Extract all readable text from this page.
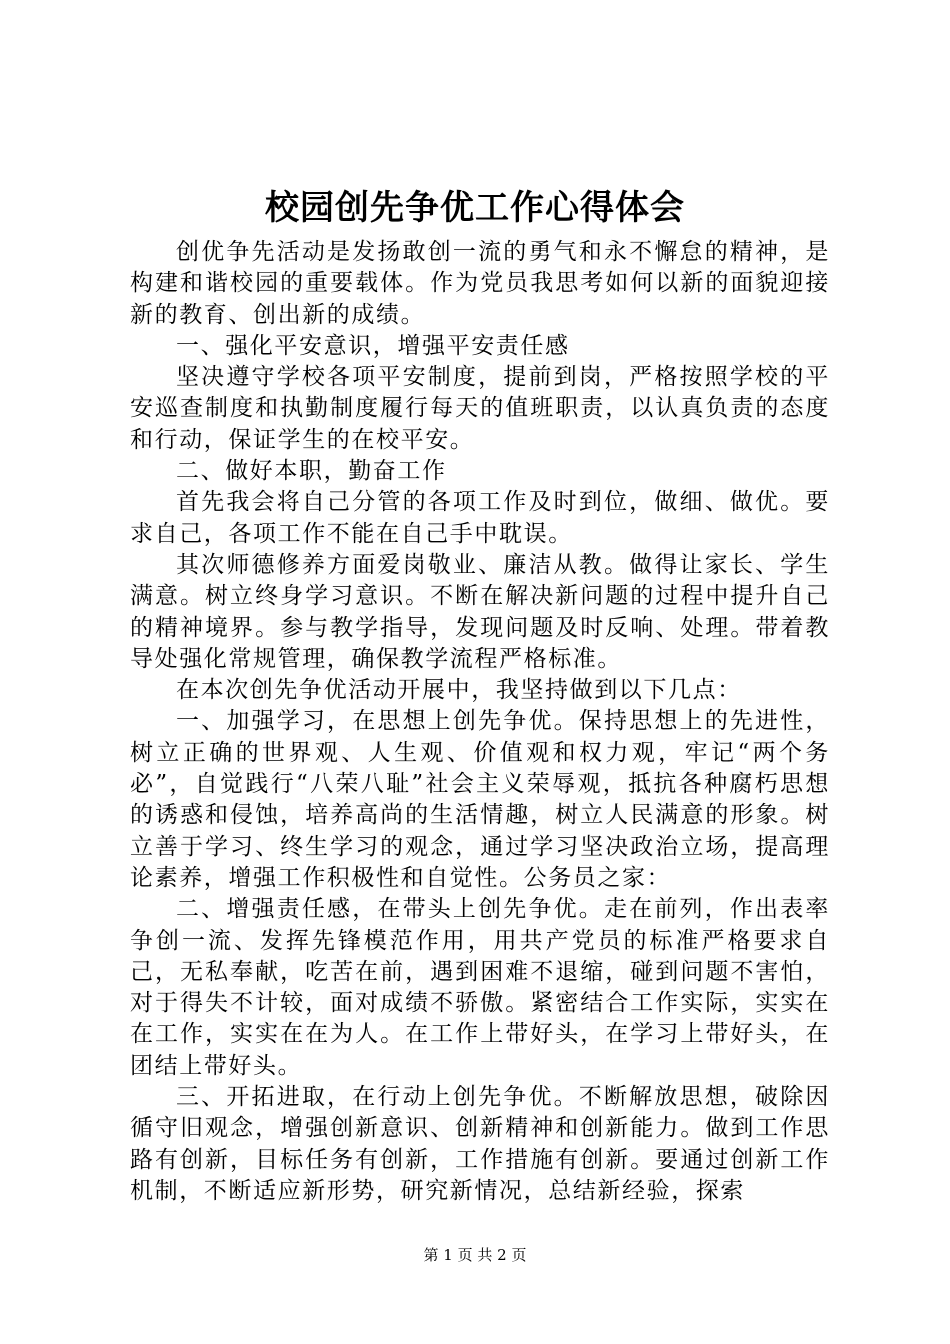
校园创先争优工作心得体会

创优争先活动是发扬敢创一流的勇气和永不懈怠的精神，是构建和谐校园的重要载体。作为党员我思考如何以新的面貌迎接新的教育、创出新的成绩。

一、强化平安意识，增强平安责任感

坚决遵守学校各项平安制度，提前到岗，严格按照学校的平安巡查制度和执勤制度履行每天的值班职责，以认真负责的态度和行动，保证学生的在校平安。

二、做好本职，勤奋工作

首先我会将自己分管的各项工作及时到位，做细、做优。要求自己，各项工作不能在自己手中耽误。

其次师德修养方面爱岗敬业、廉洁从教。做得让家长、学生满意。树立终身学习意识。不断在解决新问题的过程中提升自己的精神境界。参与教学指导，发现问题及时反响、处理。带着教导处强化常规管理，确保教学流程严格标准。

在本次创先争优活动开展中，我坚持做到以下几点：

一、加强学习，在思想上创先争优。保持思想上的先进性，树立正确的世界观、人生观、价值观和权力观，牢记“两个务必”，自觉践行“八荣八耻”社会主义荣辱观，抵抗各种腐朽思想的诱惑和侵蚀，培养高尚的生活情趣，树立人民满意的形象。树立善于学习、终生学习的观念，通过学习坚决政治立场，提高理论素养，增强工作积极性和自觉性。公务员之家：

二、增强责任感，在带头上创先争优。走在前列，作出表率争创一流、发挥先锋模范作用，用共产党员的标准严格要求自己，无私奉献，吃苦在前，遇到困难不退缩，碰到问题不害怕，对于得失不计较，面对成绩不骄傲。紧密结合工作实际，实实在在工作，实实在在为人。在工作上带好头，在学习上带好头，在团结上带好头。

三、开拓进取，在行动上创先争优。不断解放思想，破除因循守旧观念，增强创新意识、创新精神和创新能力。做到工作思路有创新，目标任务有创新，工作措施有创新。要通过创新工作机制，不断适应新形势，研究新情况，总结新经验，探索

第 1 页 共 2 页
